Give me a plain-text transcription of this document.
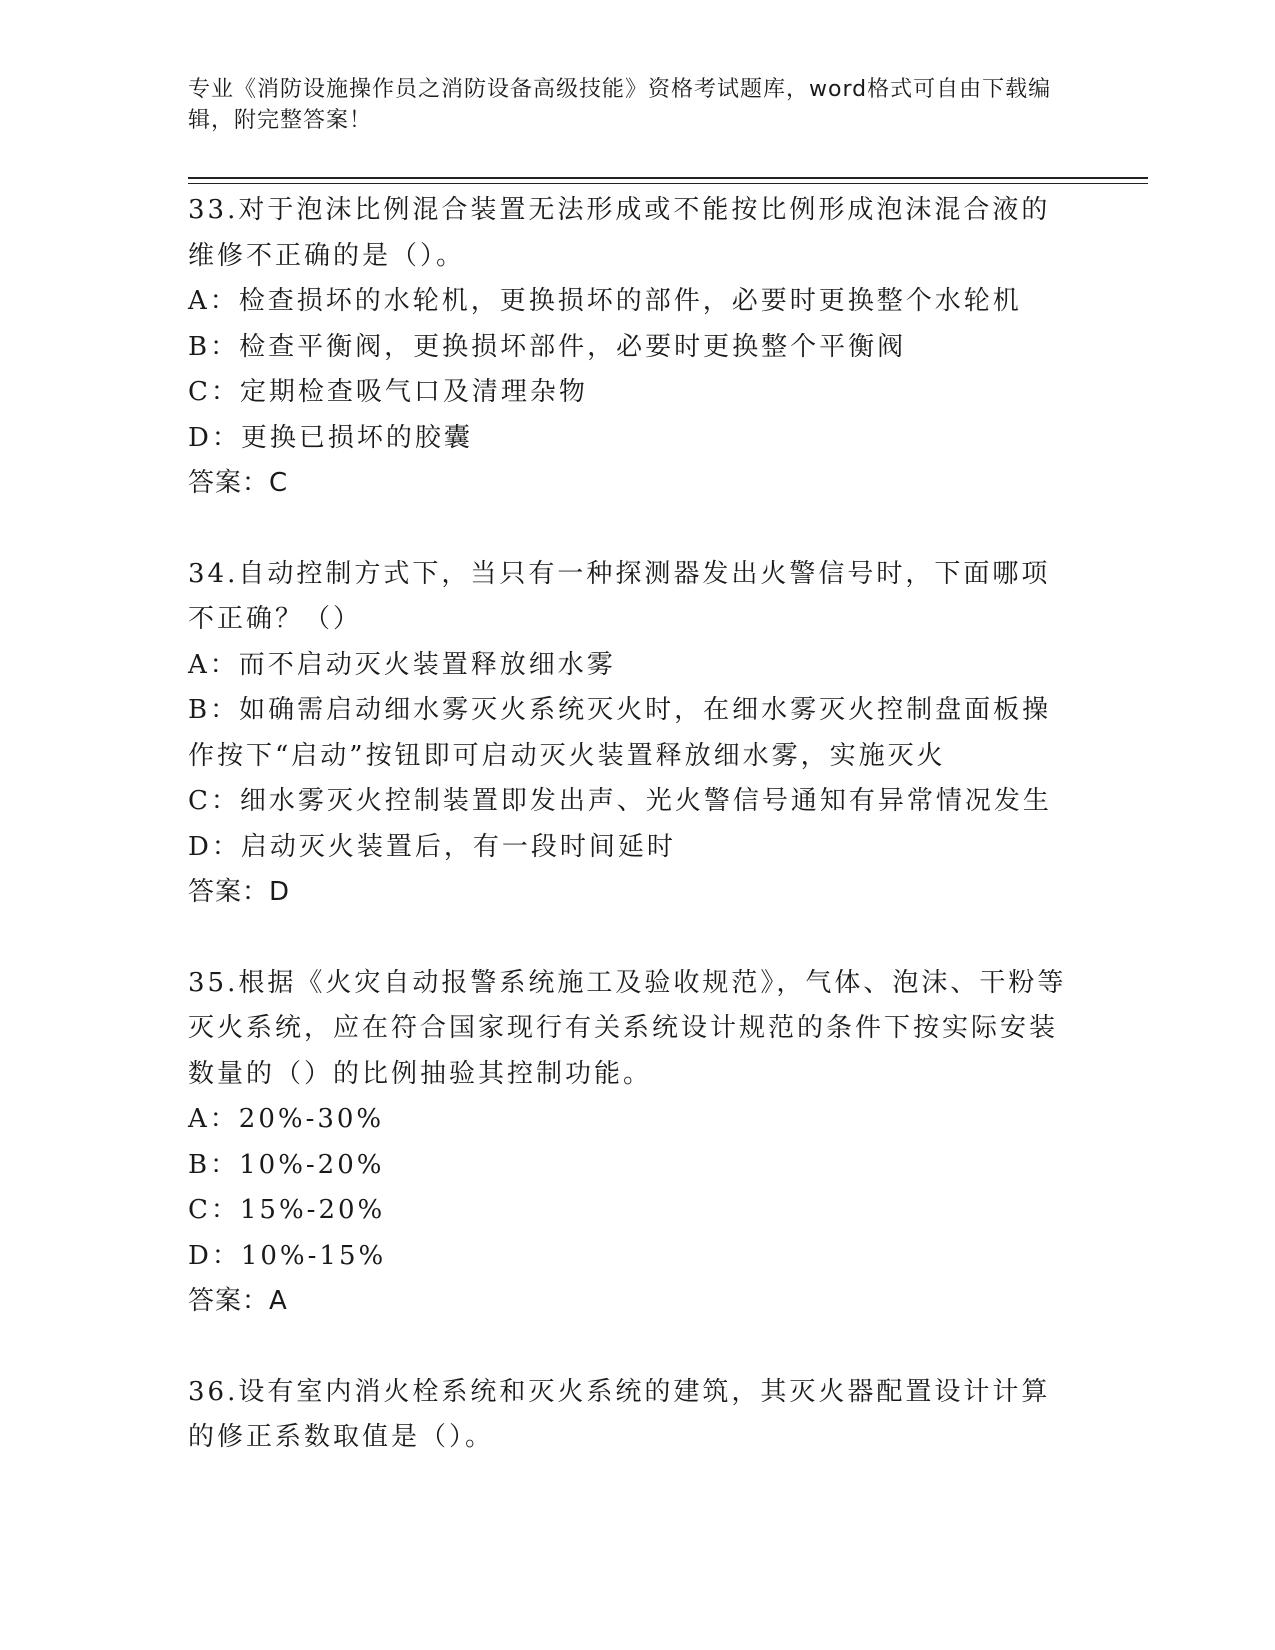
专业《消防设施操作员之消防设备高级技能》资格考试题库，word格式可自由下载编辑，附完整答案！

33.对于泡沫比例混合装置无法形成或不能按比例形成泡沫混合液的维修不正确的是（）。

A：检查损坏的水轮机，更换损坏的部件，必要时更换整个水轮机

B：检查平衡阀，更换损坏部件，必要时更换整个平衡阀

C：定期检查吸气口及清理杂物

D：更换已损坏的胶囊

答案：C

34.自动控制方式下，当只有一种探测器发出火警信号时，下面哪项不正确？（）

A：而不启动灭火装置释放细水雾

B：如确需启动细水雾灭火系统灭火时，在细水雾灭火控制盘面板操作按下“启动”按钮即可启动灭火装置释放细水雾，实施灭火

C：细水雾灭火控制装置即发出声、光火警信号通知有异常情况发生

D：启动灭火装置后，有一段时间延时

答案：D

35.根据《火灾自动报警系统施工及验收规范》，气体、泡沫、干粉等灭火系统，应在符合国家现行有关系统设计规范的条件下按实际安装数量的（）的比例抽验其控制功能。

A：20%-30%

B：10%-20%

C：15%-20%

D：10%-15%

答案：A

36.设有室内消火栓系统和灭火系统的建筑，其灭火器配置设计计算的修正系数取值是（）。
